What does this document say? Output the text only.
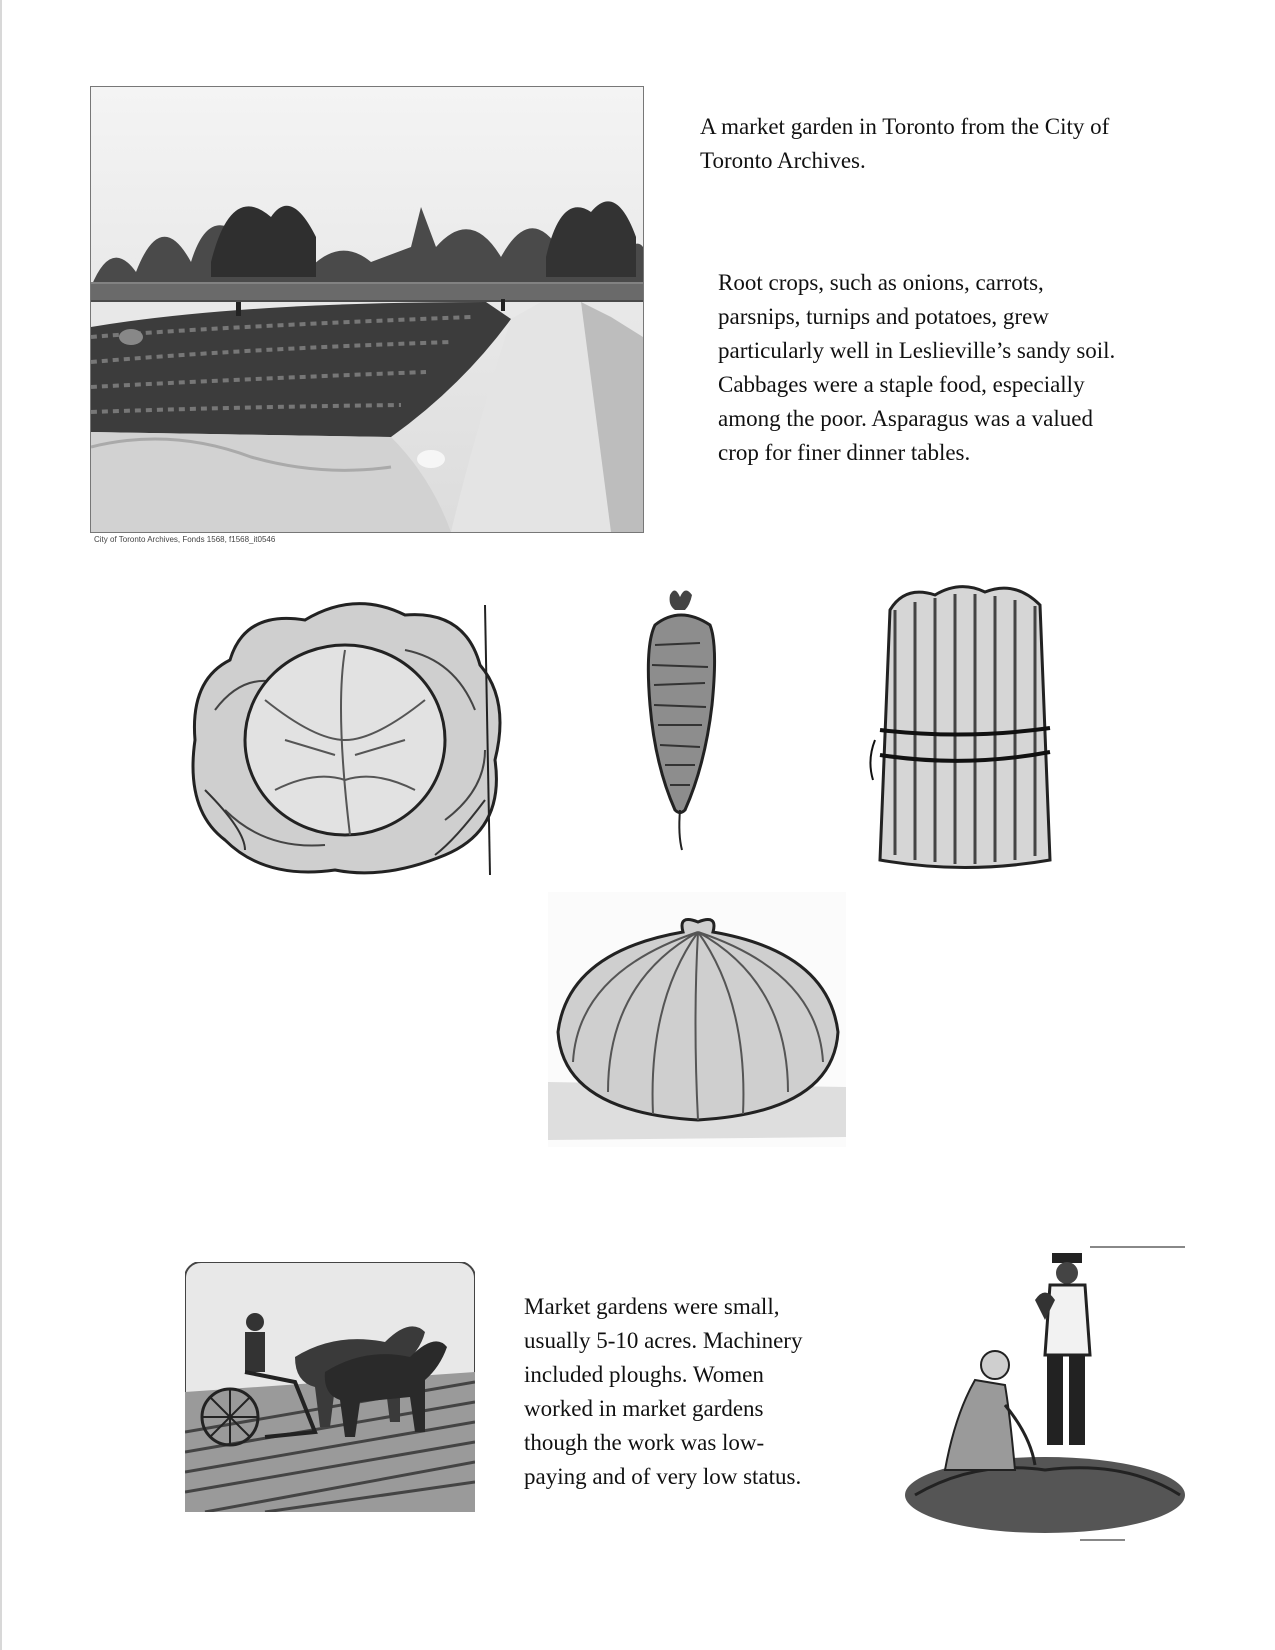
City of Toronto Archives, Fonds 1568, f1568_it0546
A market garden in Toronto from the City of Toronto Archives.
Root crops, such as onions, carrots, parsnips, turnips and potatoes, grew particularly well in Leslieville’s sandy soil. Cabbages were a staple food, especially among the poor. Asparagus was a valued crop for finer dinner tables.
Market gardens were small, usually 5-10 acres. Machinery included ploughs. Women worked in market gardens though the work was low-paying and of very low status.
